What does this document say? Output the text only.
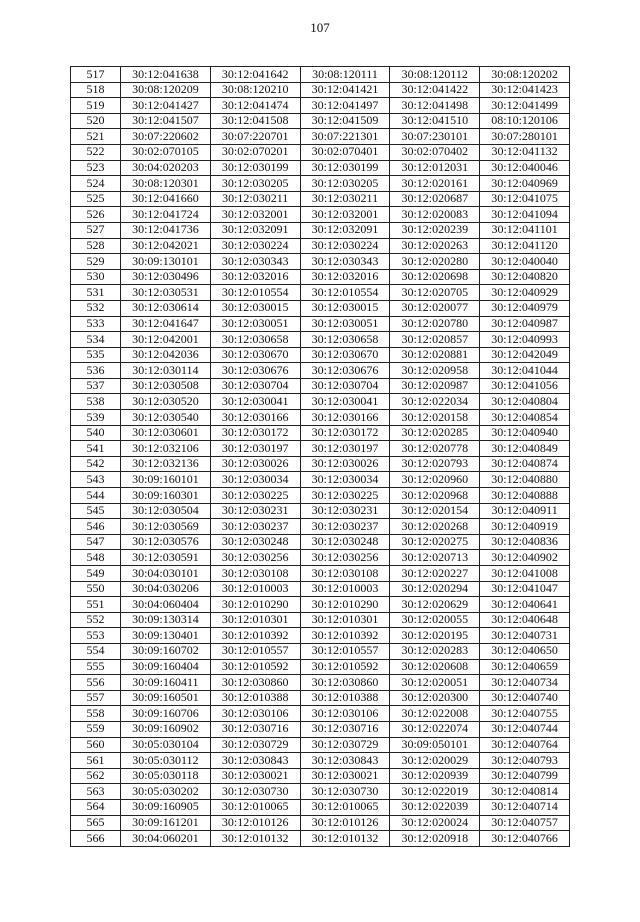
107
517	30:12:041638	30:12:041642	30:08:120111	30:08:120112	30:08:120202
518	30:08:120209	30:08:120210	30:12:041421	30:12:041422	30:12:041423
519	30:12:041427	30:12:041474	30:12:041497	30:12:041498	30:12:041499
520	30:12:041507	30:12:041508	30:12:041509	30:12:041510	08:10:120106
521	30:07:220602	30:07:220701	30:07:221301	30:07:230101	30:07:280101
522	30:02:070105	30:02:070201	30:02:070401	30:02:070402	30:12:041132
523	30:04:020203	30:12:030199	30:12:030199	30:12:012031	30:12:040046
524	30:08:120301	30:12:030205	30:12:030205	30:12:020161	30:12:040969
525	30:12:041660	30:12:030211	30:12:030211	30:12:020687	30:12:041075
526	30:12:041724	30:12:032001	30:12:032001	30:12:020083	30:12:041094
527	30:12:041736	30:12:032091	30:12:032091	30:12:020239	30:12:041101
528	30:12:042021	30:12:030224	30:12:030224	30:12:020263	30:12:041120
529	30:09:130101	30:12:030343	30:12:030343	30:12:020280	30:12:040040
530	30:12:030496	30:12:032016	30:12:032016	30:12:020698	30:12:040820
531	30:12:030531	30:12:010554	30:12:010554	30:12:020705	30:12:040929
532	30:12:030614	30:12:030015	30:12:030015	30:12:020077	30:12:040979
533	30:12:041647	30:12:030051	30:12:030051	30:12:020780	30:12:040987
534	30:12:042001	30:12:030658	30:12:030658	30:12:020857	30:12:040993
535	30:12:042036	30:12:030670	30:12:030670	30:12:020881	30:12:042049
536	30:12:030114	30:12:030676	30:12:030676	30:12:020958	30:12:041044
537	30:12:030508	30:12:030704	30:12:030704	30:12:020987	30:12:041056
538	30:12:030520	30:12:030041	30:12:030041	30:12:022034	30:12:040804
539	30:12:030540	30:12:030166	30:12:030166	30:12:020158	30:12:040854
540	30:12:030601	30:12:030172	30:12:030172	30:12:020285	30:12:040940
541	30:12:032106	30:12:030197	30:12:030197	30:12:020778	30:12:040849
542	30:12:032136	30:12:030026	30:12:030026	30:12:020793	30:12:040874
543	30:09:160101	30:12:030034	30:12:030034	30:12:020960	30:12:040880
544	30:09:160301	30:12:030225	30:12:030225	30:12:020968	30:12:040888
545	30:12:030504	30:12:030231	30:12:030231	30:12:020154	30:12:040911
546	30:12:030569	30:12:030237	30:12:030237	30:12:020268	30:12:040919
547	30:12:030576	30:12:030248	30:12:030248	30:12:020275	30:12:040836
548	30:12:030591	30:12:030256	30:12:030256	30:12:020713	30:12:040902
549	30:04:030101	30:12:030108	30:12:030108	30:12:020227	30:12:041008
550	30:04:030206	30:12:010003	30:12:010003	30:12:020294	30:12:041047
551	30:04:060404	30:12:010290	30:12:010290	30:12:020629	30:12:040641
552	30:09:130314	30:12:010301	30:12:010301	30:12:020055	30:12:040648
553	30:09:130401	30:12:010392	30:12:010392	30:12:020195	30:12:040731
554	30:09:160702	30:12:010557	30:12:010557	30:12:020283	30:12:040650
555	30:09:160404	30:12:010592	30:12:010592	30:12:020608	30:12:040659
556	30:09:160411	30:12:030860	30:12:030860	30:12:020051	30:12:040734
557	30:09:160501	30:12:010388	30:12:010388	30:12:020300	30:12:040740
558	30:09:160706	30:12:030106	30:12:030106	30:12:022008	30:12:040755
559	30:09:160902	30:12:030716	30:12:030716	30:12:022074	30:12:040744
560	30:05:030104	30:12:030729	30:12:030729	30:09:050101	30:12:040764
561	30:05:030112	30:12:030843	30:12:030843	30:12:020029	30:12:040793
562	30:05:030118	30:12:030021	30:12:030021	30:12:020939	30:12:040799
563	30:05:030202	30:12:030730	30:12:030730	30:12:022019	30:12:040814
564	30:09:160905	30:12:010065	30:12:010065	30:12:022039	30:12:040714
565	30:09:161201	30:12:010126	30:12:010126	30:12:020024	30:12:040757
566	30:04:060201	30:12:010132	30:12:010132	30:12:020918	30:12:040766
